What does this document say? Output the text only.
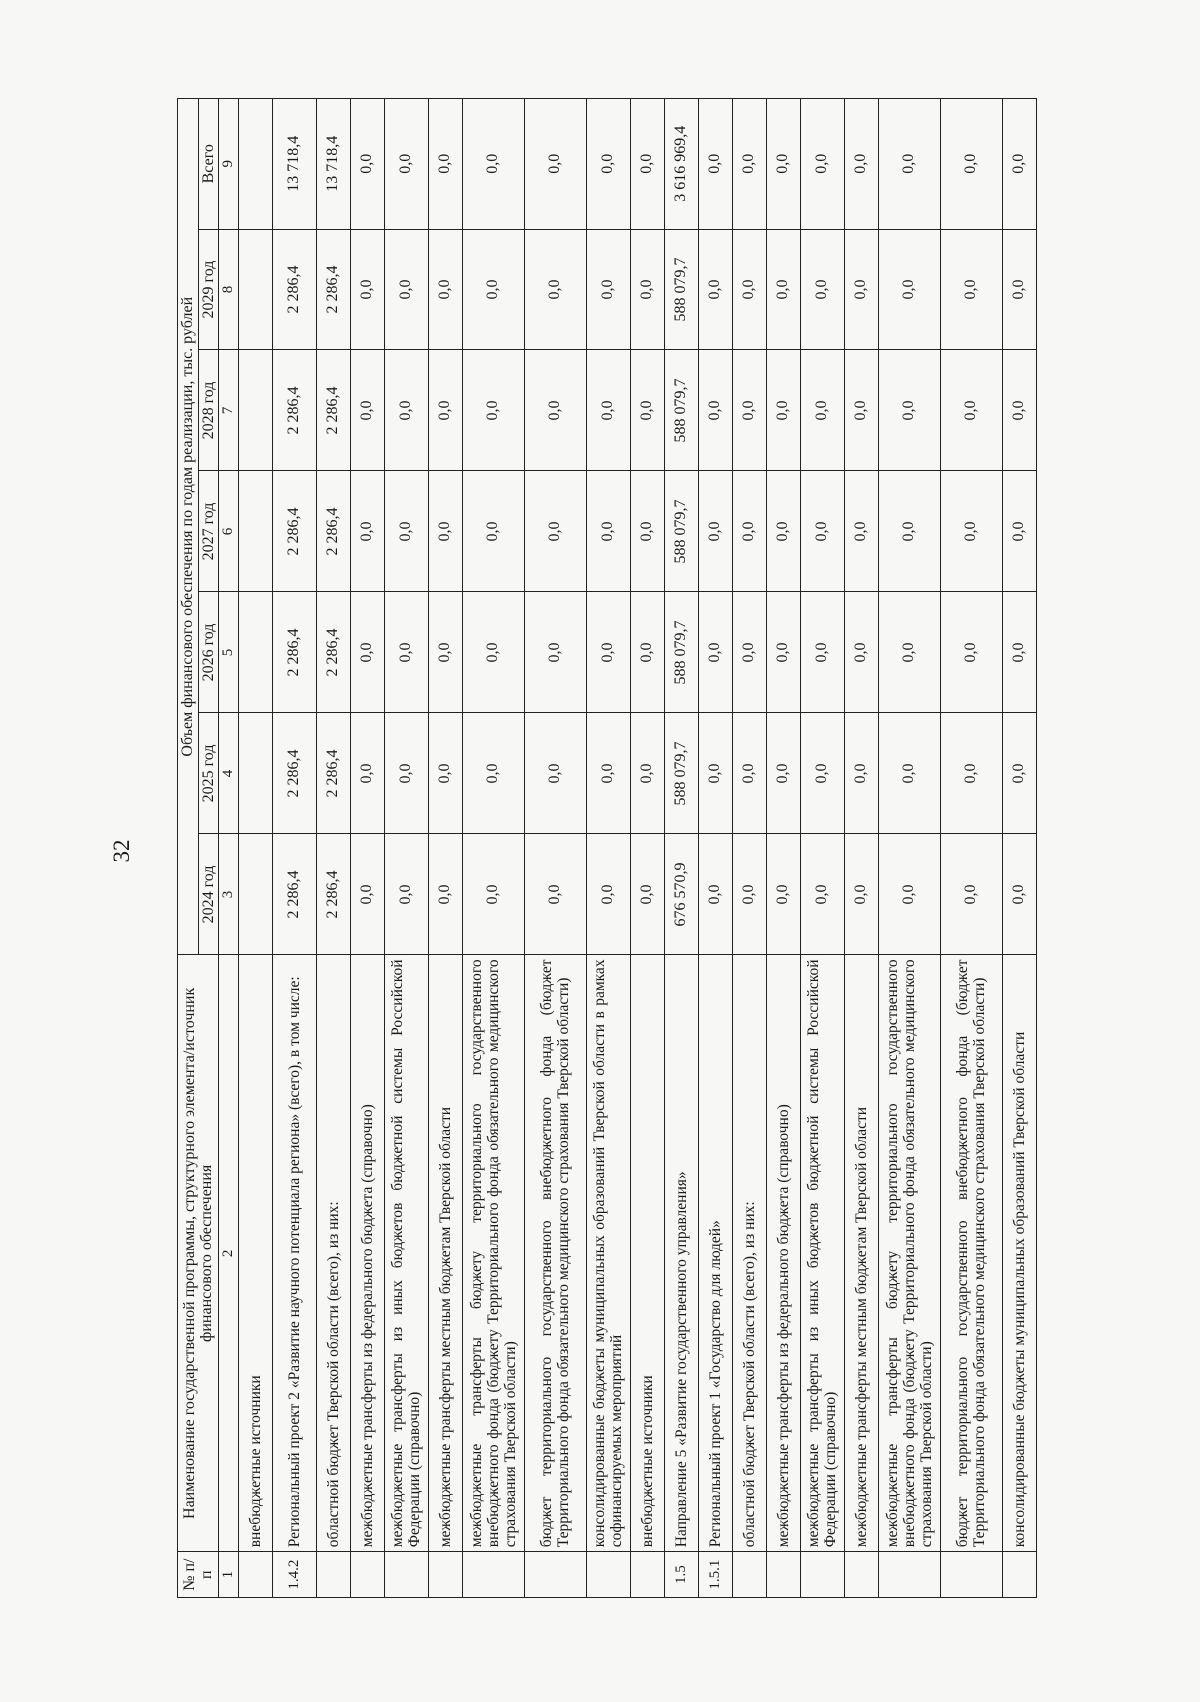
32
№ п/п	Наименование государственной программы, структурного элемента/источник финансового обеспечения	Объем финансового обеспечения по годам реализации, тыс. рублей						
		2024 год	2025 год	2026 год	2027 год	2028 год	2029 год	Всего
1	2	3	4	5	6	7	8	9
	внебюджетные источники							
1.4.2	Региональный проект 2 «Развитие научного потенциала региона» (всего), в том числе:	2 286,4	2 286,4	2 286,4	2 286,4	2 286,4	2 286,4	13 718,4
	областной бюджет Тверской области (всего), из них:	2 286,4	2 286,4	2 286,4	2 286,4	2 286,4	2 286,4	13 718,4
	межбюджетные трансферты из федерального бюджета (справочно)	0,0	0,0	0,0	0,0	0,0	0,0	0,0
	межбюджетные трансферты из иных бюджетов бюджетной системы Российской Федерации (справочно)	0,0	0,0	0,0	0,0	0,0	0,0	0,0
	межбюджетные трансферты местным бюджетам Тверской области	0,0	0,0	0,0	0,0	0,0	0,0	0,0
	межбюджетные трансферты бюджету территориального государственного внебюджетного фонда (бюджету Территориального фонда обязательного медицинского страхования Тверской области)	0,0	0,0	0,0	0,0	0,0	0,0	0,0
	бюджет территориального государственного внебюджетного фонда (бюджет Территориального фонда обязательного медицинского страхования Тверской области)	0,0	0,0	0,0	0,0	0,0	0,0	0,0
	консолидированные бюджеты муниципальных образований Тверской области в рамках софинансируемых мероприятий	0,0	0,0	0,0	0,0	0,0	0,0	0,0
	внебюджетные источники	0,0	0,0	0,0	0,0	0,0	0,0	0,0
1.5	Направление 5 «Развитие государственного управления»	676 570,9	588 079,7	588 079,7	588 079,7	588 079,7	588 079,7	3 616 969,4
1.5.1	Региональный проект 1 «Государство для людей»	0,0	0,0	0,0	0,0	0,0	0,0	0,0
	областной бюджет Тверской области (всего), из них:	0,0	0,0	0,0	0,0	0,0	0,0	0,0
	межбюджетные трансферты из федерального бюджета (справочно)	0,0	0,0	0,0	0,0	0,0	0,0	0,0
	межбюджетные трансферты из иных бюджетов бюджетной системы Российской Федерации (справочно)	0,0	0,0	0,0	0,0	0,0	0,0	0,0
	межбюджетные трансферты местным бюджетам Тверской области	0,0	0,0	0,0	0,0	0,0	0,0	0,0
	межбюджетные трансферты бюджету территориального государственного внебюджетного фонда (бюджету Территориального фонда обязательного медицинского страхования Тверской области)	0,0	0,0	0,0	0,0	0,0	0,0	0,0
	бюджет территориального государственного внебюджетного фонда (бюджет Территориального фонда обязательного медицинского страхования Тверской области)	0,0	0,0	0,0	0,0	0,0	0,0	0,0
	консолидированные бюджеты муниципальных образований Тверской области	0,0	0,0	0,0	0,0	0,0	0,0	0,0
